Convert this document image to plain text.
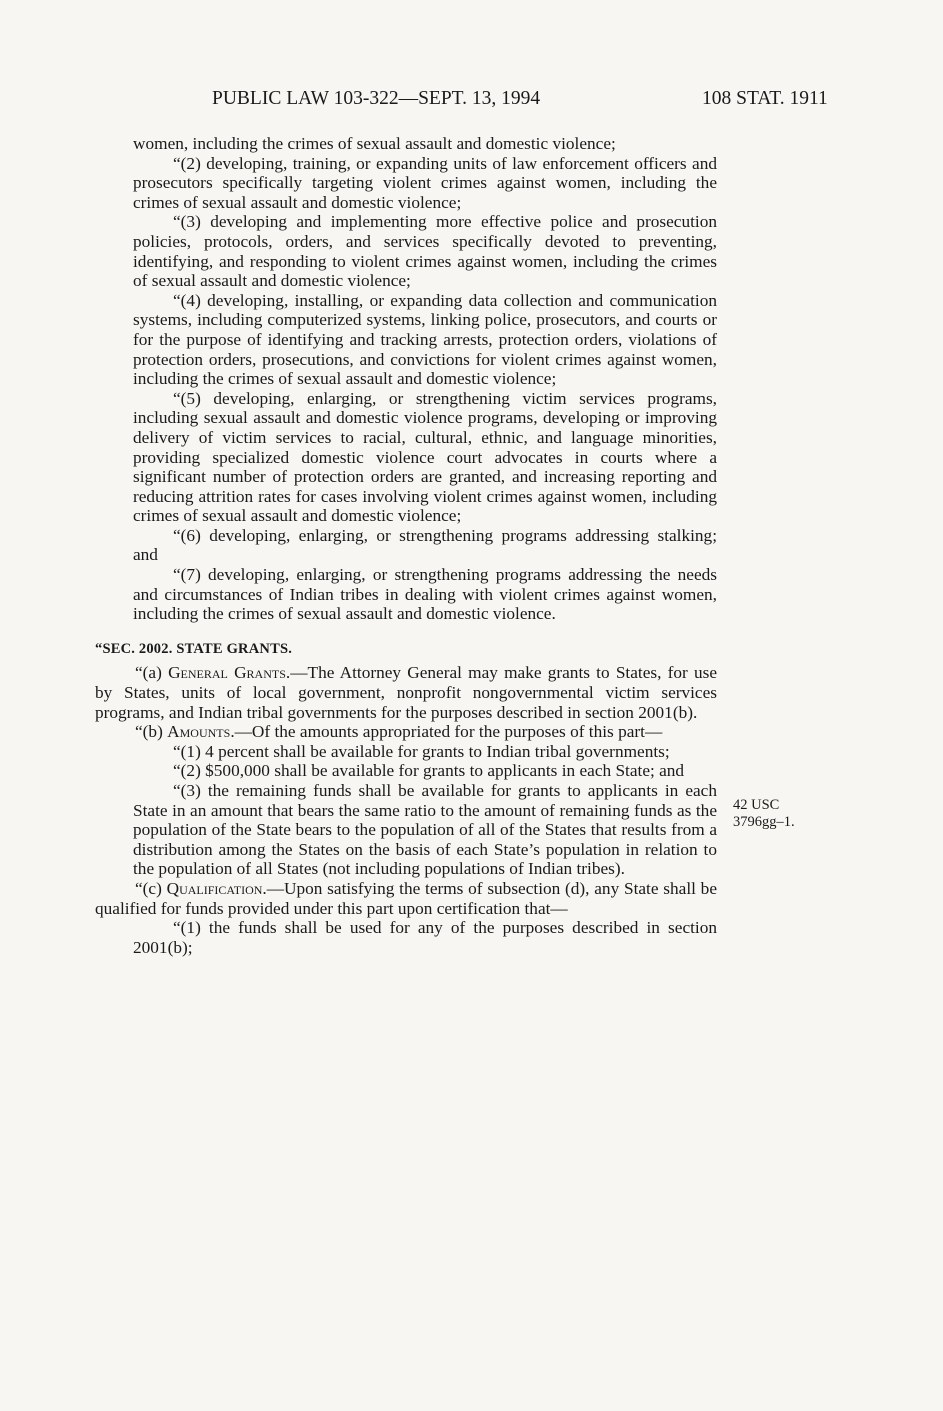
PUBLIC LAW 103-322—SEPT. 13, 1994	108 STAT. 1911

women, including the crimes of sexual assault and domestic violence;

“(2) developing, training, or expanding units of law enforcement officers and prosecutors specifically targeting violent crimes against women, including the crimes of sexual assault and domestic violence;

“(3) developing and implementing more effective police and prosecution policies, protocols, orders, and services specifically devoted to preventing, identifying, and responding to violent crimes against women, including the crimes of sexual assault and domestic violence;

“(4) developing, installing, or expanding data collection and communication systems, including computerized systems, linking police, prosecutors, and courts or for the purpose of identifying and tracking arrests, protection orders, violations of protection orders, prosecutions, and convictions for violent crimes against women, including the crimes of sexual assault and domestic violence;

“(5) developing, enlarging, or strengthening victim services programs, including sexual assault and domestic violence programs, developing or improving delivery of victim services to racial, cultural, ethnic, and language minorities, providing specialized domestic violence court advocates in courts where a significant number of protection orders are granted, and increasing reporting and reducing attrition rates for cases involving violent crimes against women, including crimes of sexual assault and domestic violence;

“(6) developing, enlarging, or strengthening programs addressing stalking; and

“(7) developing, enlarging, or strengthening programs addressing the needs and circumstances of Indian tribes in dealing with violent crimes against women, including the crimes of sexual assault and domestic violence.

“SEC. 2002. STATE GRANTS.

“(a) General Grants.—The Attorney General may make grants to States, for use by States, units of local government, nonprofit nongovernmental victim services programs, and Indian tribal governments for the purposes described in section 2001(b).

“(b) Amounts.—Of the amounts appropriated for the purposes of this part—

“(1) 4 percent shall be available for grants to Indian tribal governments;

“(2) $500,000 shall be available for grants to applicants in each State; and

“(3) the remaining funds shall be available for grants to applicants in each State in an amount that bears the same ratio to the amount of remaining funds as the population of the State bears to the population of all of the States that results from a distribution among the States on the basis of each State’s population in relation to the population of all States (not including populations of Indian tribes).

“(c) Qualification.—Upon satisfying the terms of subsection (d), any State shall be qualified for funds provided under this part upon certification that—

“(1) the funds shall be used for any of the purposes described in section 2001(b);

42 USC
3796gg–1.
